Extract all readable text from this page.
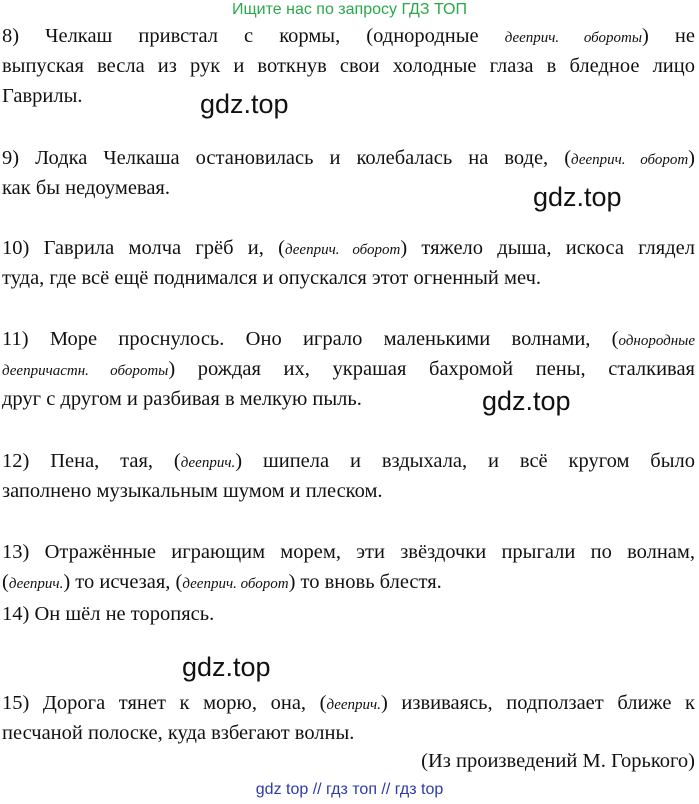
Ищите нас по запросу ГДЗ ТОП
8) Челкаш привстал с кормы, (однородные дееприч. обороты) не
выпуская весла из рук и воткнув свои холодные глаза в бледное лицо
Гаврилы.
9) Лодка Челкаша остановилась и колебалась на воде, (дееприч. оборот)
как бы недоумевая.
10) Гаврила молча грёб и, (дееприч. оборот) тяжело дыша, искоса глядел
туда, где всё ещё поднимался и опускался этот огненный меч.
11) Море проснулось. Оно играло маленькими волнами, (однородные
деепричастн. обороты) рождая их, украшая бахромой пены, сталкивая
друг с другом и разбивая в мелкую пыль.
12) Пена, тая, (дееприч.) шипела и вздыхала, и всё кругом было
заполнено музыкальным шумом и плеском.
13) Отражённые играющим морем, эти звёздочки прыгали по волнам,
(дееприч.) то исчезая, (дееприч. оборот) то вновь блестя.
14) Он шёл не торопясь.
15) Дорога тянет к морю, она, (дееприч.) извиваясь, подползает ближе к
песчаной полоске, куда взбегают волны.
(Из произведений М. Горького)
gdz.top
gdz.top
gdz.top
gdz.top
gdz top // гдз топ // гдз top
